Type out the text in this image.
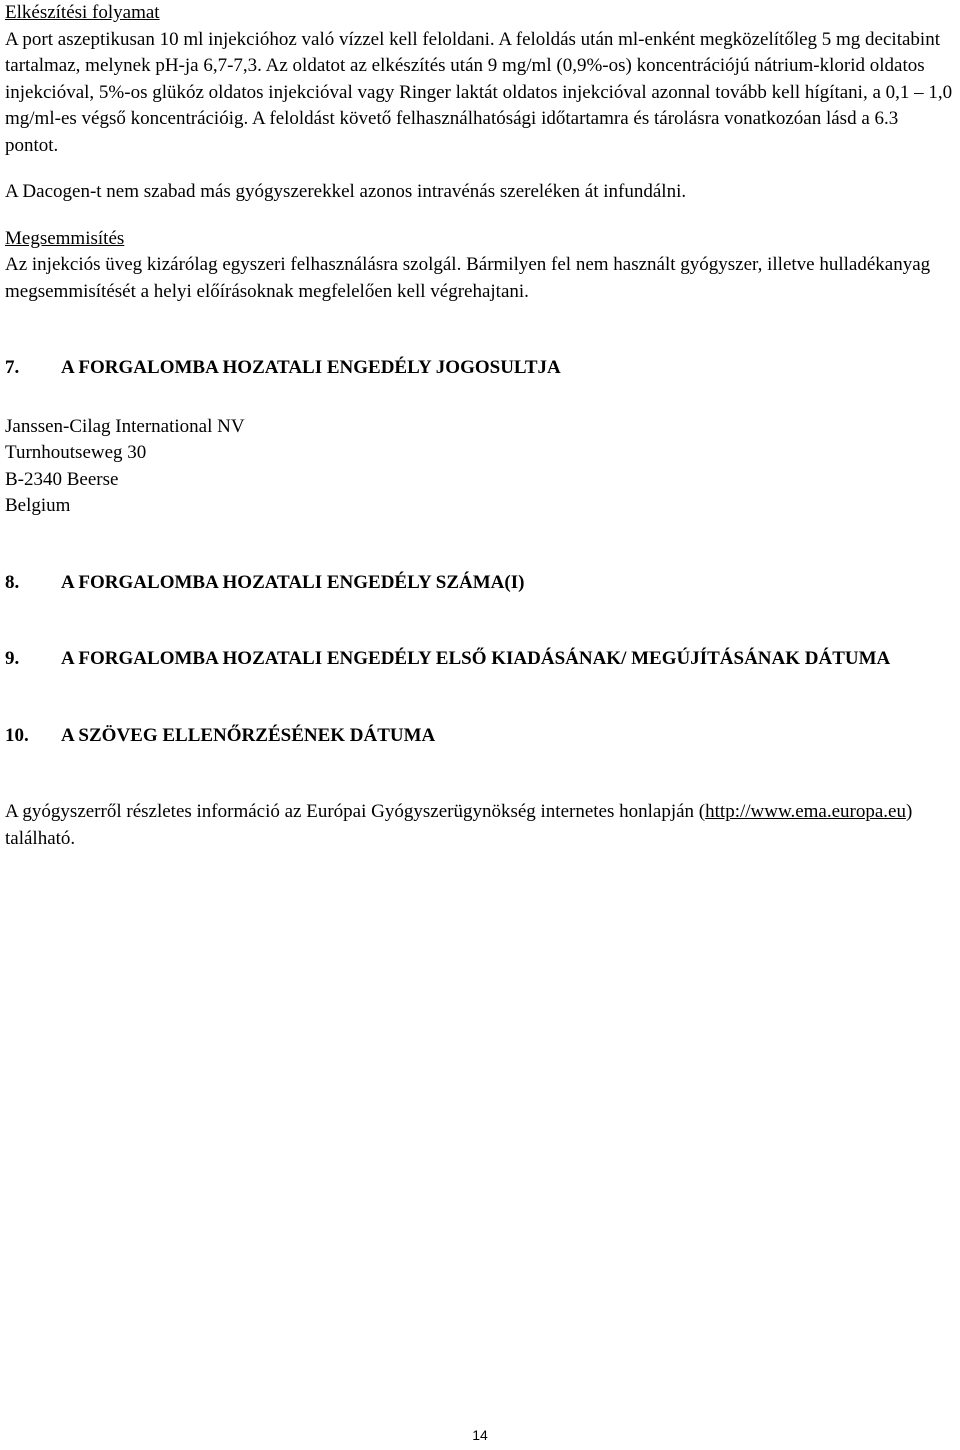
Elkészítési folyamat

A port aszeptikusan 10 ml injekcióhoz való vízzel kell feloldani. A feloldás után ml-enként megközelítőleg 5 mg decitabint tartalmaz, melynek pH-ja 6,7-7,3. Az oldatot az elkészítés után 9 mg/ml (0,9%-os) koncentrációjú nátrium-klorid oldatos injekcióval, 5%-os glükóz oldatos injekcióval vagy Ringer laktát oldatos injekcióval azonnal tovább kell hígítani, a 0,1 – 1,0 mg/ml-es végső koncentrációig. A feloldást követő felhasználhatósági időtartamra és tárolásra vonatkozóan lásd a 6.3 pontot.

A Dacogen-t nem szabad más gyógyszerekkel azonos intravénás szereléken át infundálni.

Megsemmisítés

Az injekciós üveg kizárólag egyszeri felhasználásra szolgál. Bármilyen fel nem használt gyógyszer, illetve hulladékanyag megsemmisítését a helyi előírásoknak megfelelően kell végrehajtani.

7.	A FORGALOMBA HOZATALI ENGEDÉLY JOGOSULTJA

Janssen-Cilag International NV

Turnhoutseweg 30

B-2340 Beerse

Belgium

8.	A FORGALOMBA HOZATALI ENGEDÉLY SZÁMA(I)
9.	A FORGALOMBA HOZATALI ENGEDÉLY ELSŐ KIADÁSÁNAK/ MEGÚJÍTÁSÁNAK DÁTUMA
10.	A SZÖVEG ELLENŐRZÉSÉNEK DÁTUMA

A gyógyszerről részletes információ az Európai Gyógyszerügynökség internetes honlapján (http://www.ema.europa.eu) található.

14
